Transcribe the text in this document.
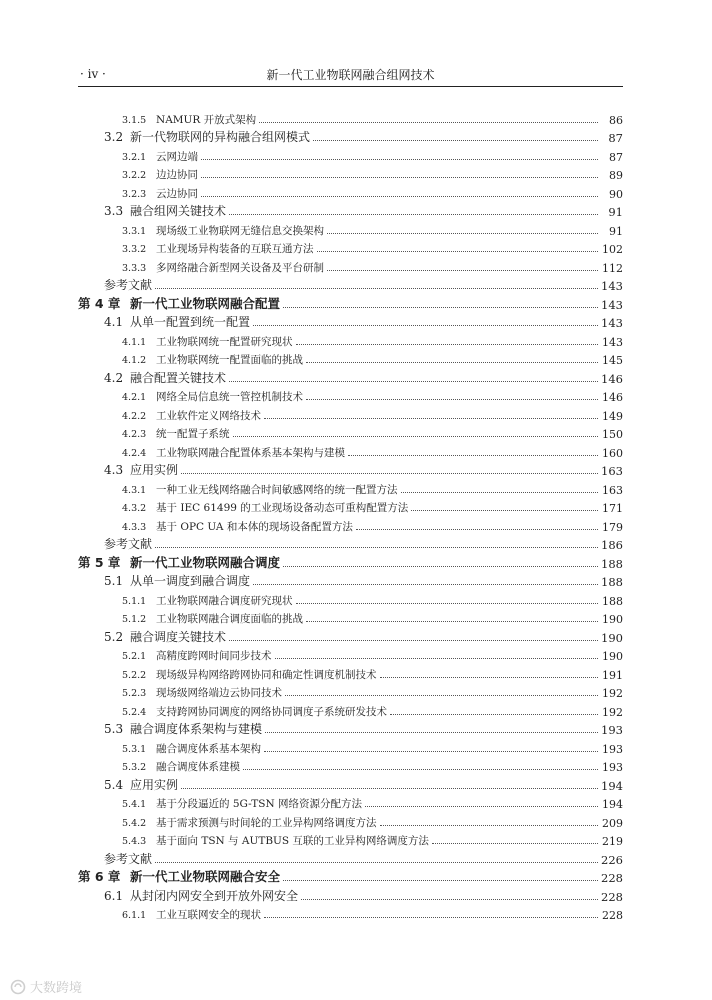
· iv ·	新一代工业物联网融合组网技术
3.1.5 NAMUR 开放式架构	86
3.2 新一代物联网的异构融合组网模式	87
3.2.1 云网边端	87
3.2.2 边边协同	89
3.2.3 云边协同	90
3.3 融合组网关键技术	91
3.3.1 现场级工业物联网无缝信息交换架构	91
3.3.2 工业现场异构装备的互联互通方法	102
3.3.3 多网络融合新型网关设备及平台研制	112
参考文献	143
第 4 章 新一代工业物联网融合配置	143
4.1 从单一配置到统一配置	143
4.1.1 工业物联网统一配置研究现状	143
4.1.2 工业物联网统一配置面临的挑战	145
4.2 融合配置关键技术	146
4.2.1 网络全局信息统一管控机制技术	146
4.2.2 工业软件定义网络技术	149
4.2.3 统一配置子系统	150
4.2.4 工业物联网融合配置体系基本架构与建模	160
4.3 应用实例	163
4.3.1 一种工业无线网络融合时间敏感网络的统一配置方法	163
4.3.2 基于 IEC 61499 的工业现场设备动态可重构配置方法	171
4.3.3 基于 OPC UA 和本体的现场设备配置方法	179
参考文献	186
第 5 章 新一代工业物联网融合调度	188
5.1 从单一调度到融合调度	188
5.1.1 工业物联网融合调度研究现状	188
5.1.2 工业物联网融合调度面临的挑战	190
5.2 融合调度关键技术	190
5.2.1 高精度跨网时间同步技术	190
5.2.2 现场级异构网络跨网协同和确定性调度机制技术	191
5.2.3 现场级网络端边云协同技术	192
5.2.4 支持跨网协同调度的网络协同调度子系统研发技术	192
5.3 融合调度体系架构与建模	193
5.3.1 融合调度体系基本架构	193
5.3.2 融合调度体系建模	193
5.4 应用实例	194
5.4.1 基于分段逼近的 5G-TSN 网络资源分配方法	194
5.4.2 基于需求预测与时间轮的工业异构网络调度方法	209
5.4.3 基于面向 TSN 与 AUTBUS 互联的工业异构网络调度方法	219
参考文献	226
第 6 章 新一代工业物联网融合安全	228
6.1 从封闭内网安全到开放外网安全	228
6.1.1 工业互联网安全的现状	228
大数跨境
